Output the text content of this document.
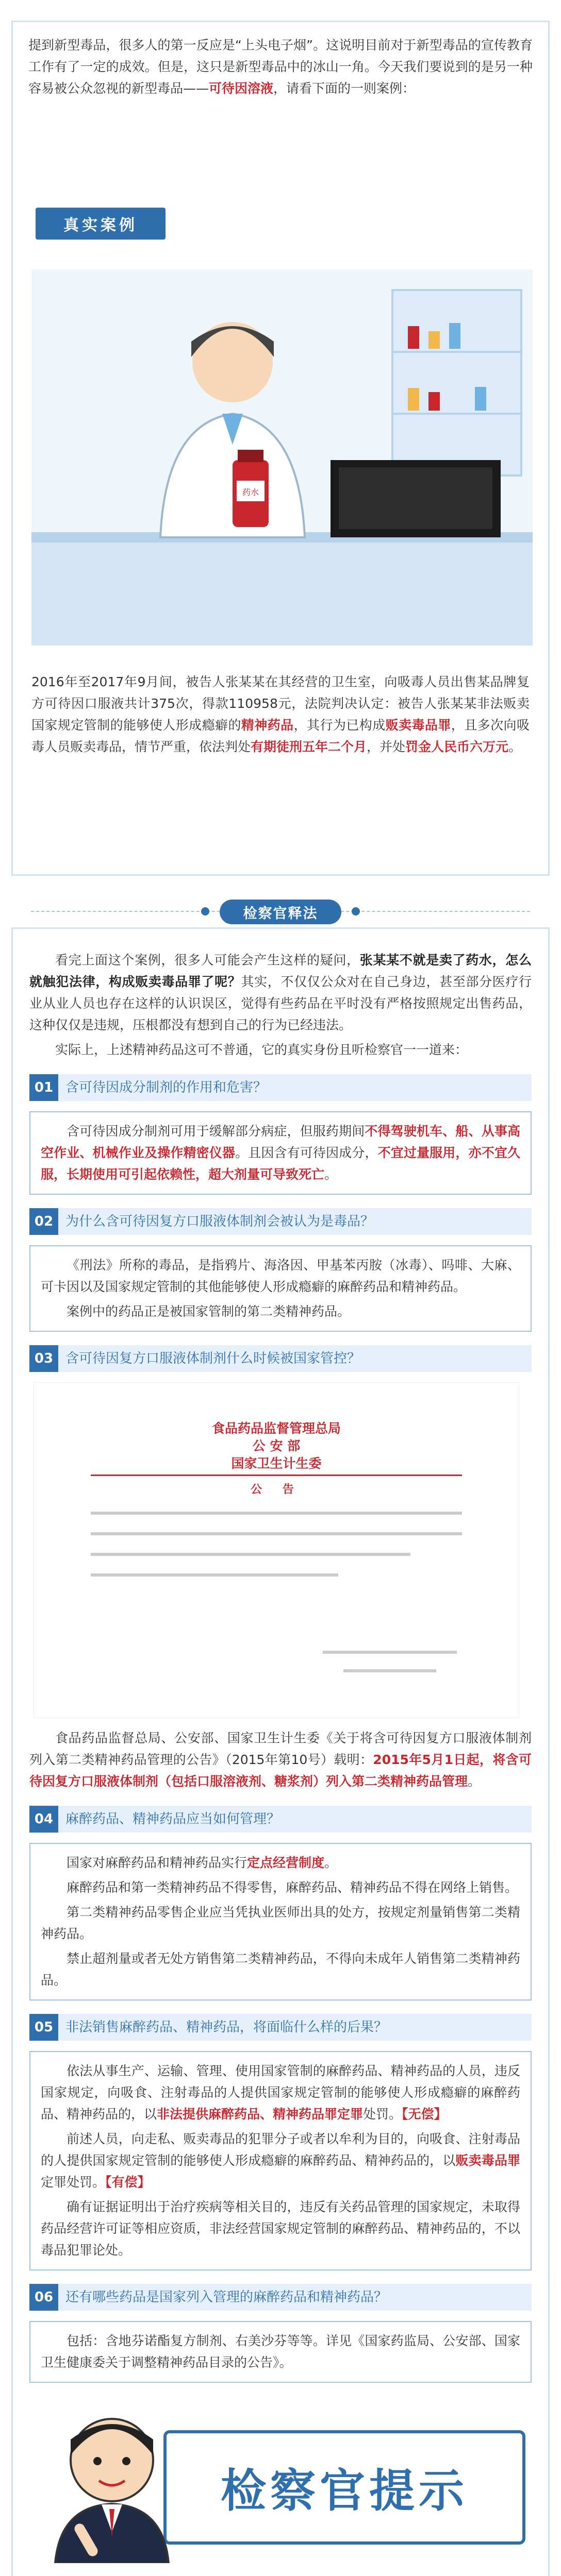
提到新型毒品，很多人的第一反应是“上头电子烟”。这说明目前对于新型毒品的宣传教育工作有了一定的成效。但是，这只是新型毒品中的冰山一角。今天我们要说到的是另一种容易被公众忽视的新型毒品——可待因溶液，请看下面的一则案例：

真实案例
药水

2016年至2017年9月间，被告人张某某在其经营的卫生室，向吸毒人员出售某品牌复方可待因口服液共计375次，得款110958元，法院判决认定：被告人张某某非法贩卖国家规定管制的能够使人形成瘾癖的精神药品，其行为已构成贩卖毒品罪，且多次向吸毒人员贩卖毒品，情节严重，依法判处有期徒刑五年二个月，并处罚金人民币六万元。

检察官释法

看完上面这个案例，很多人可能会产生这样的疑问，张某某不就是卖了药水，怎么就触犯法律，构成贩卖毒品罪了呢？其实，不仅仅公众对在自己身边，甚至部分医疗行业从业人员也存在这样的认识误区，觉得有些药品在平时没有严格按照规定出售药品，这种仅仅是违规，压根都没有想到自己的行为已经违法。

实际上，上述精神药品这可不普通，它的真实身份且听检察官一一道来：

01 含可待因成分制剂的作用和危害？

含可待因成分制剂可用于缓解部分病症，但服药期间不得驾驶机车、船、从事高空作业、机械作业及操作精密仪器。且因含有可待因成分，不宜过量服用，亦不宜久服，长期使用可引起依赖性，超大剂量可导致死亡。

02 为什么含可待因复方口服液体制剂会被认为是毒品？

《刑法》所称的毒品，是指鸦片、海洛因、甲基苯丙胺（冰毒）、吗啡、大麻、可卡因以及国家规定管制的其他能够使人形成瘾癖的麻醉药品和精神药品。

案例中的药品正是被国家管制的第二类精神药品。

03 含可待因复方口服液体制剂什么时候被国家管控？
食品药品监督管理总局
公 安 部
国家卫生计生委
公 告

食品药品监督总局、公安部、国家卫生计生委《关于将含可待因复方口服液体制剂列入第二类精神药品管理的公告》（2015年第10号）载明：2015年5月1日起，将含可待因复方口服液体制剂（包括口服溶液剂、糖浆剂）列入第二类精神药品管理。

04 麻醉药品、精神药品应当如何管理？

国家对麻醉药品和精神药品实行定点经营制度。

麻醉药品和第一类精神药品不得零售，麻醉药品、精神药品不得在网络上销售。

第二类精神药品零售企业应当凭执业医师出具的处方，按规定剂量销售第二类精神药品。

禁止超剂量或者无处方销售第二类精神药品，不得向未成年人销售第二类精神药品。

05 非法销售麻醉药品、精神药品，将面临什么样的后果？

依法从事生产、运输、管理、使用国家管制的麻醉药品、精神药品的人员，违反国家规定，向吸食、注射毒品的人提供国家规定管制的能够使人形成瘾癖的麻醉药品、精神药品的，以非法提供麻醉药品、精神药品罪定罪处罚。【无偿】

前述人员，向走私、贩卖毒品的犯罪分子或者以牟利为目的，向吸食、注射毒品的人提供国家规定管制的能够使人形成瘾癖的麻醉药品、精神药品的，以贩卖毒品罪定罪处罚。【有偿】

确有证据证明出于治疗疾病等相关目的，违反有关药品管理的国家规定，未取得药品经营许可证等相应资质，非法经营国家规定管制的麻醉药品、精神药品的，不以毒品犯罪论处。

06 还有哪些药品是国家列入管理的麻醉药品和精神药品？

包括：含地芬诺酯复方制剂、右美沙芬等等。详见《国家药监局、公安部、国家卫生健康委关于调整精神药品目录的公告》。

检察官提示
